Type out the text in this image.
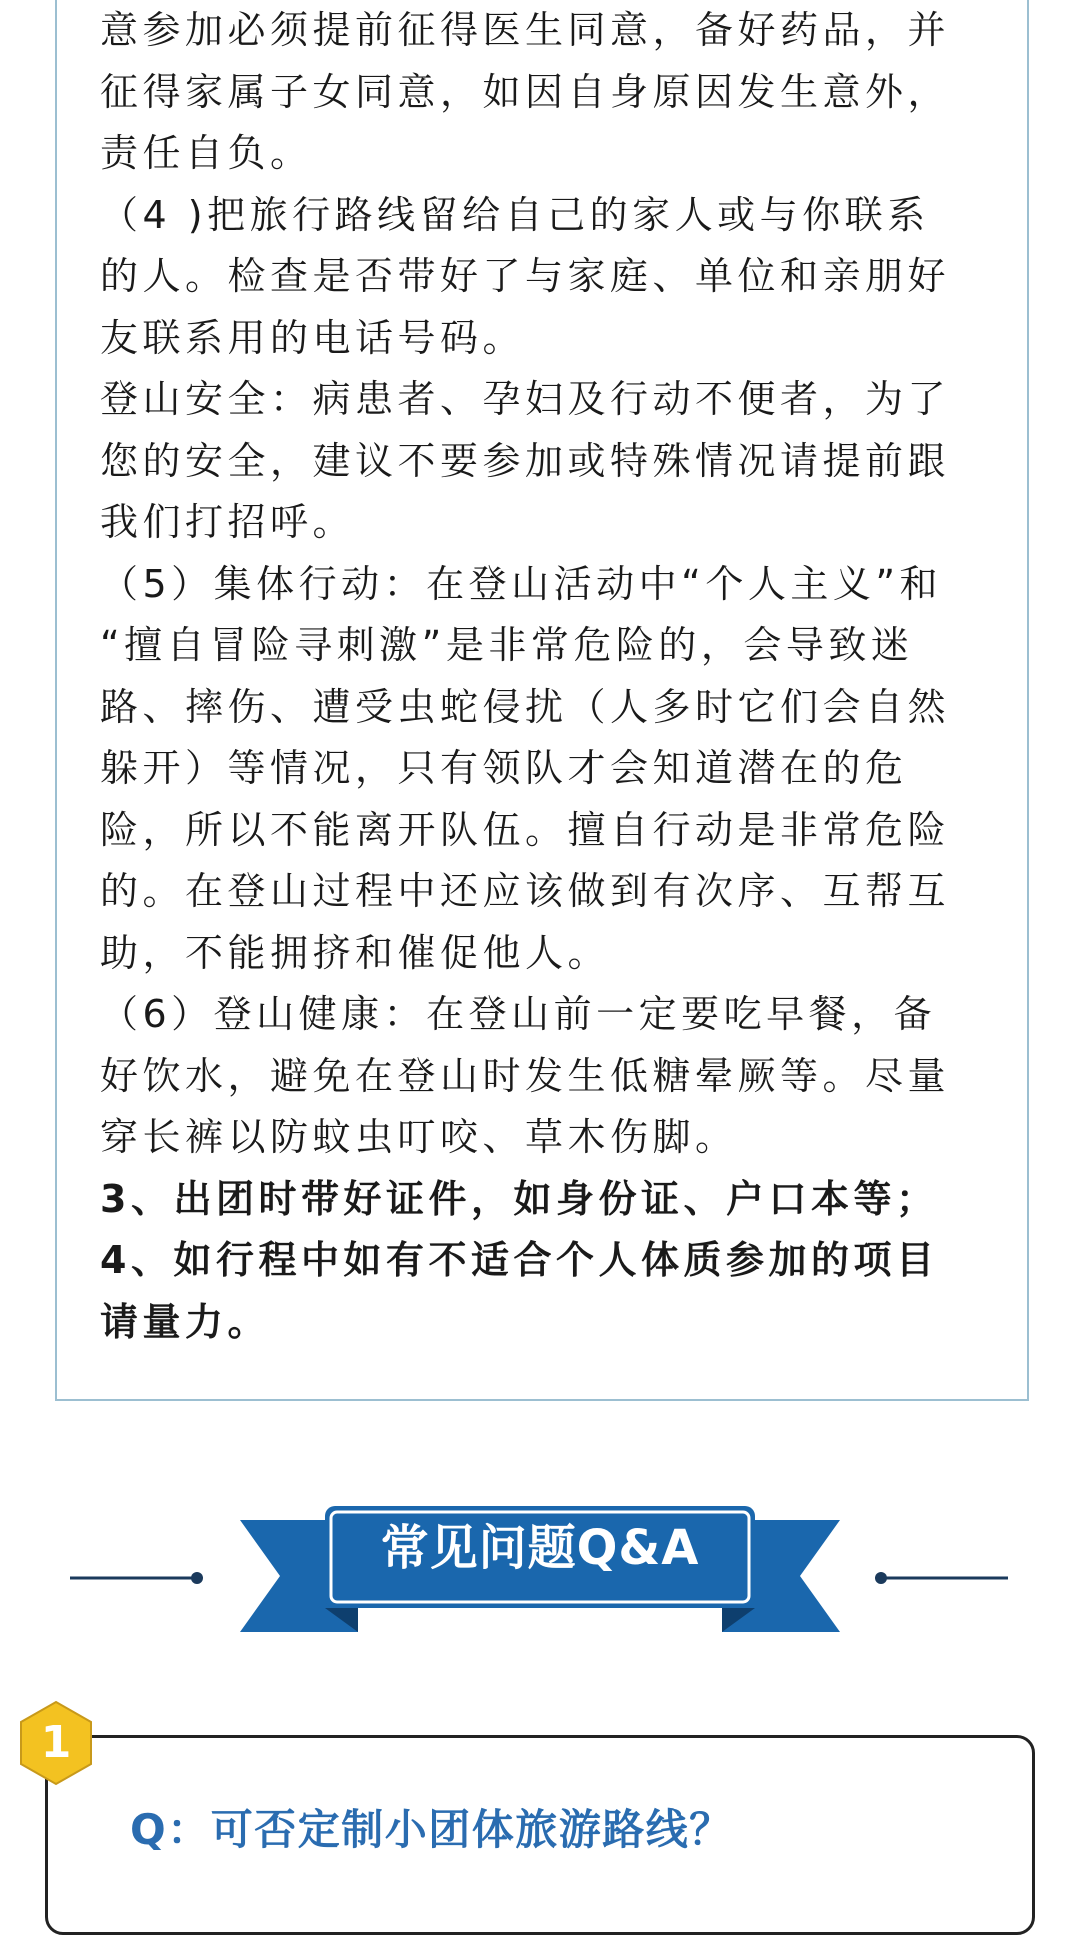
意参加必须提前征得医生同意，备好药品，并

征得家属子女同意，如因自身原因发生意外，

责任自负。

（4 )把旅行路线留给自己的家人或与你联系

的人。检查是否带好了与家庭、单位和亲朋好

友联系用的电话号码。

登山安全：病患者、孕妇及行动不便者，为了

您的安全，建议不要参加或特殊情况请提前跟

我们打招呼。

（5）集体行动：在登山活动中“个人主义”和

“擅自冒险寻刺激”是非常危险的，会导致迷

路、摔伤、遭受虫蛇侵扰（人多时它们会自然

躲开）等情况，只有领队才会知道潜在的危

险，所以不能离开队伍。擅自行动是非常危险

的。在登山过程中还应该做到有次序、互帮互

助，不能拥挤和催促他人。

（6）登山健康：在登山前一定要吃早餐，备

好饮水，避免在登山时发生低糖晕厥等。尽量

穿长裤以防蚊虫叮咬、草木伤脚。

3、出团时带好证件，如身份证、户口本等；

4、如行程中如有不适合个人体质参加的项目

请量力。

常见问题Q&A
1
Q：可否定制小团体旅游路线？
